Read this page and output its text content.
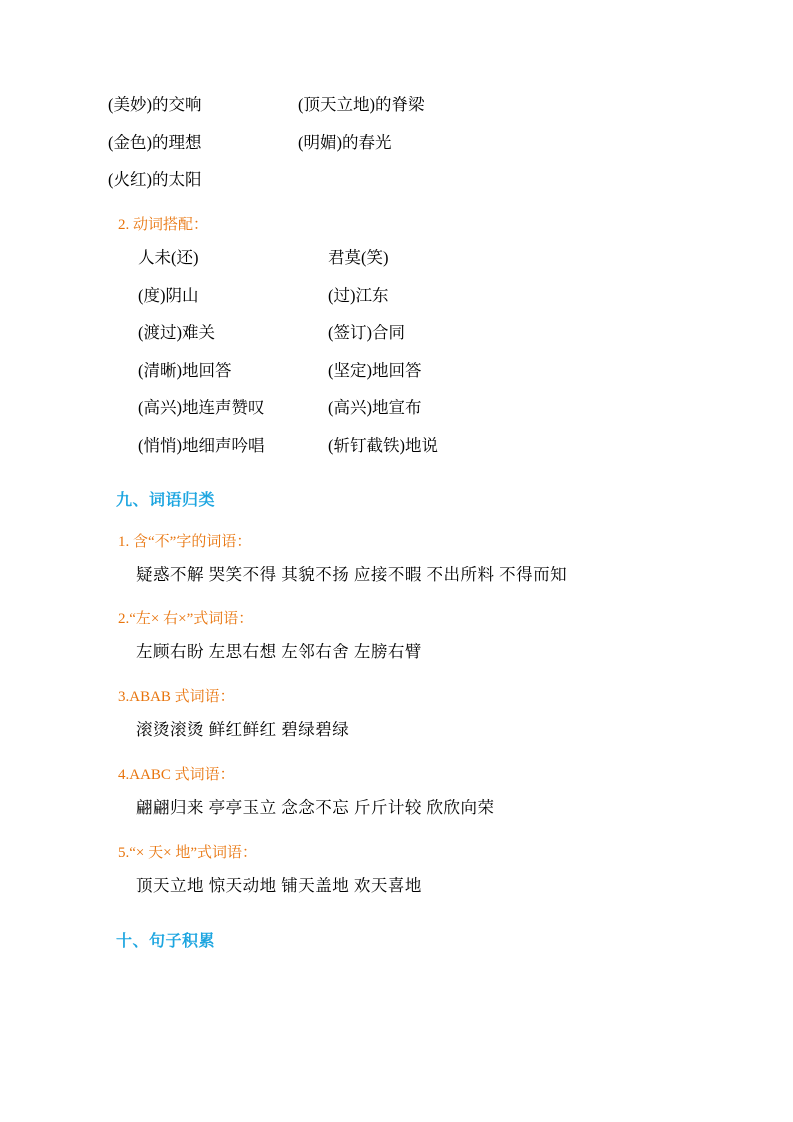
(美妙)的交响	(顶天立地)的脊梁
(金色)的理想	(明媚)的春光
(火红)的太阳
2. 动词搭配：
人未(还)	君莫(笑)
(度)阴山	(过)江东
(渡过)难关	(签订)合同
(清晰)地回答	(坚定)地回答
(高兴)地连声赞叹	(高兴)地宣布
(悄悄)地细声吟唱	(斩钉截铁)地说
九、词语归类
1. 含“不”字的词语：
疑惑不解 哭笑不得 其貌不扬 应接不暇 不出所料 不得而知
2.“左× 右×”式词语：
左顾右盼 左思右想 左邻右舍 左膀右臂
3.ABAB 式词语：
滚烫滚烫 鲜红鲜红 碧绿碧绿
4.AABC 式词语：
翩翩归来 亭亭玉立 念念不忘 斤斤计较 欣欣向荣
5.“× 天× 地”式词语：
顶天立地 惊天动地 铺天盖地 欢天喜地
十、句子积累
